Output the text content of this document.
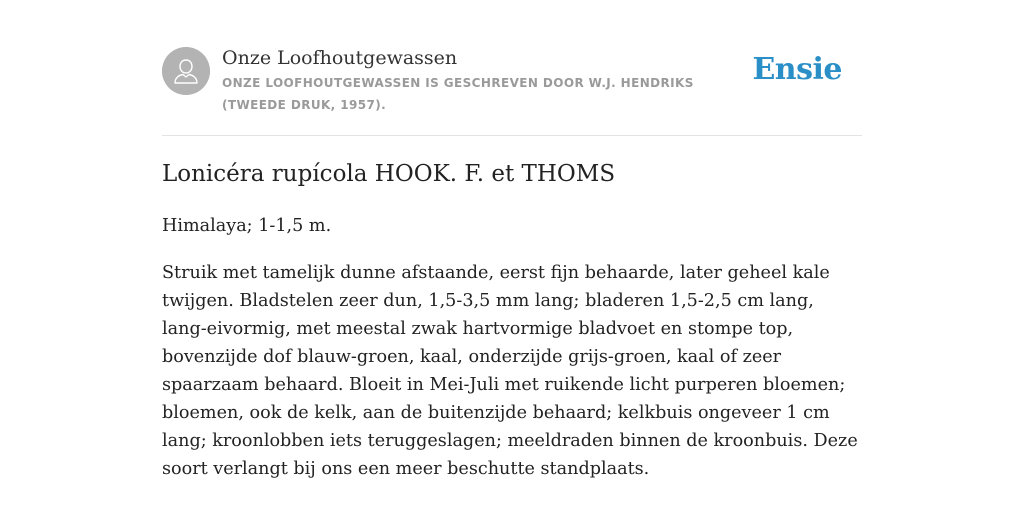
Onze Loofhoutgewassen
ONZE LOOFHOUTGEWASSEN IS GESCHREVEN DOOR W.J. HENDRIKS (TWEEDE DRUK, 1957).
Ensie
Lonicéra rupícola HOOK. F. et THOMS

Himalaya; 1-1,5 m.

Struik met tamelijk dunne afstaande, eerst fijn behaarde, later geheel kale twijgen. Bladstelen zeer dun, 1,5-3,5 mm lang; bladeren 1,5-2,5 cm lang, lang-eivormig, met meestal zwak hartvormige bladvoet en stompe top, bovenzijde dof blauw-groen, kaal, onderzijde grijs-groen, kaal of zeer spaarzaam behaard. Bloeit in Mei-Juli met ruikende licht purperen bloemen; bloemen, ook de kelk, aan de buitenzijde behaard; kelkbuis ongeveer 1 cm lang; kroonlobben iets teruggeslagen; meeldraden binnen de kroonbuis. Deze soort verlangt bij ons een meer beschutte standplaats.
